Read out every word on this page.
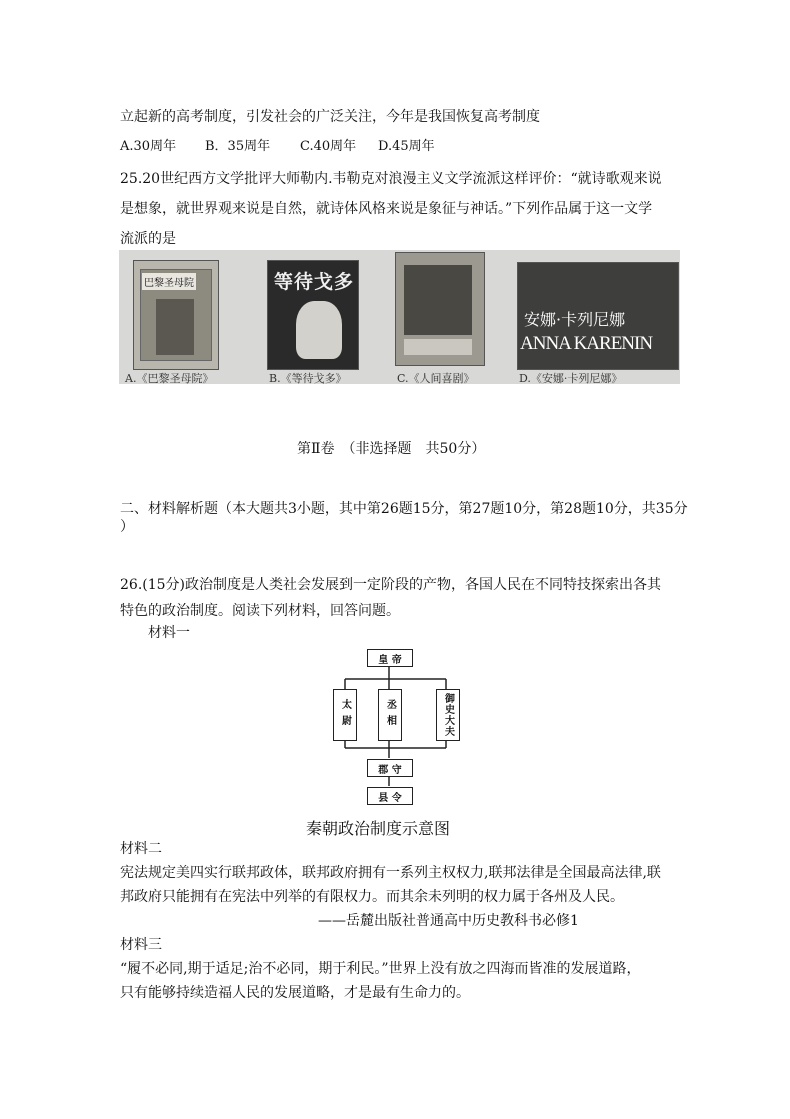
立起新的高考制度，引发社会的广泛关注，今年是我国恢复高考制度
A.30周年 B．35周年 C.40周年 D.45周年
25.20世纪西方文学批评大师勒内.韦勒克对浪漫主义文学流派这样评价：“就诗歌观来说
是想象，就世界观来说是自然，就诗体风格来说是象征与神话。”下列作品属于这一文学
流派的是
巴黎圣母院
A.《巴黎圣母院》
等待戈多
B.《等待戈多》	C.《人间喜剧》
安娜·卡列尼娜
ANNA KARENIN
D.《安娜·卡列尼娜》
第Ⅱ卷　（非选择题　共50分）
二、材料解析题（本大题共3小题，其中第26题15分，第27题10分，第28题10分，共35分
）
26.(15分)政治制度是人类社会发展到一定阶段的产物，各国人民在不同特技探索出各其
特色的政治制度。阅读下列材料，回答问题。
材料一
皇 帝
太尉	丞相	御史大夫
郡 守
县 令
秦朝政治制度示意图
材料二
宪法规定美四实行联邦政体，联邦政府拥有一系列主权权力,联邦法律是全国最高法律,联
邦政府只能拥有在宪法中列举的有限权力。而其余未列明的权力属于各州及人民。
——岳麓出版社普通高中历史教科书必修1
材料三
“履不必同,期于适足;治不必同，期于利民。”世界上没有放之四海而皆准的发展道路，
只有能够持续造福人民的发展道略，才是最有生命力的。
